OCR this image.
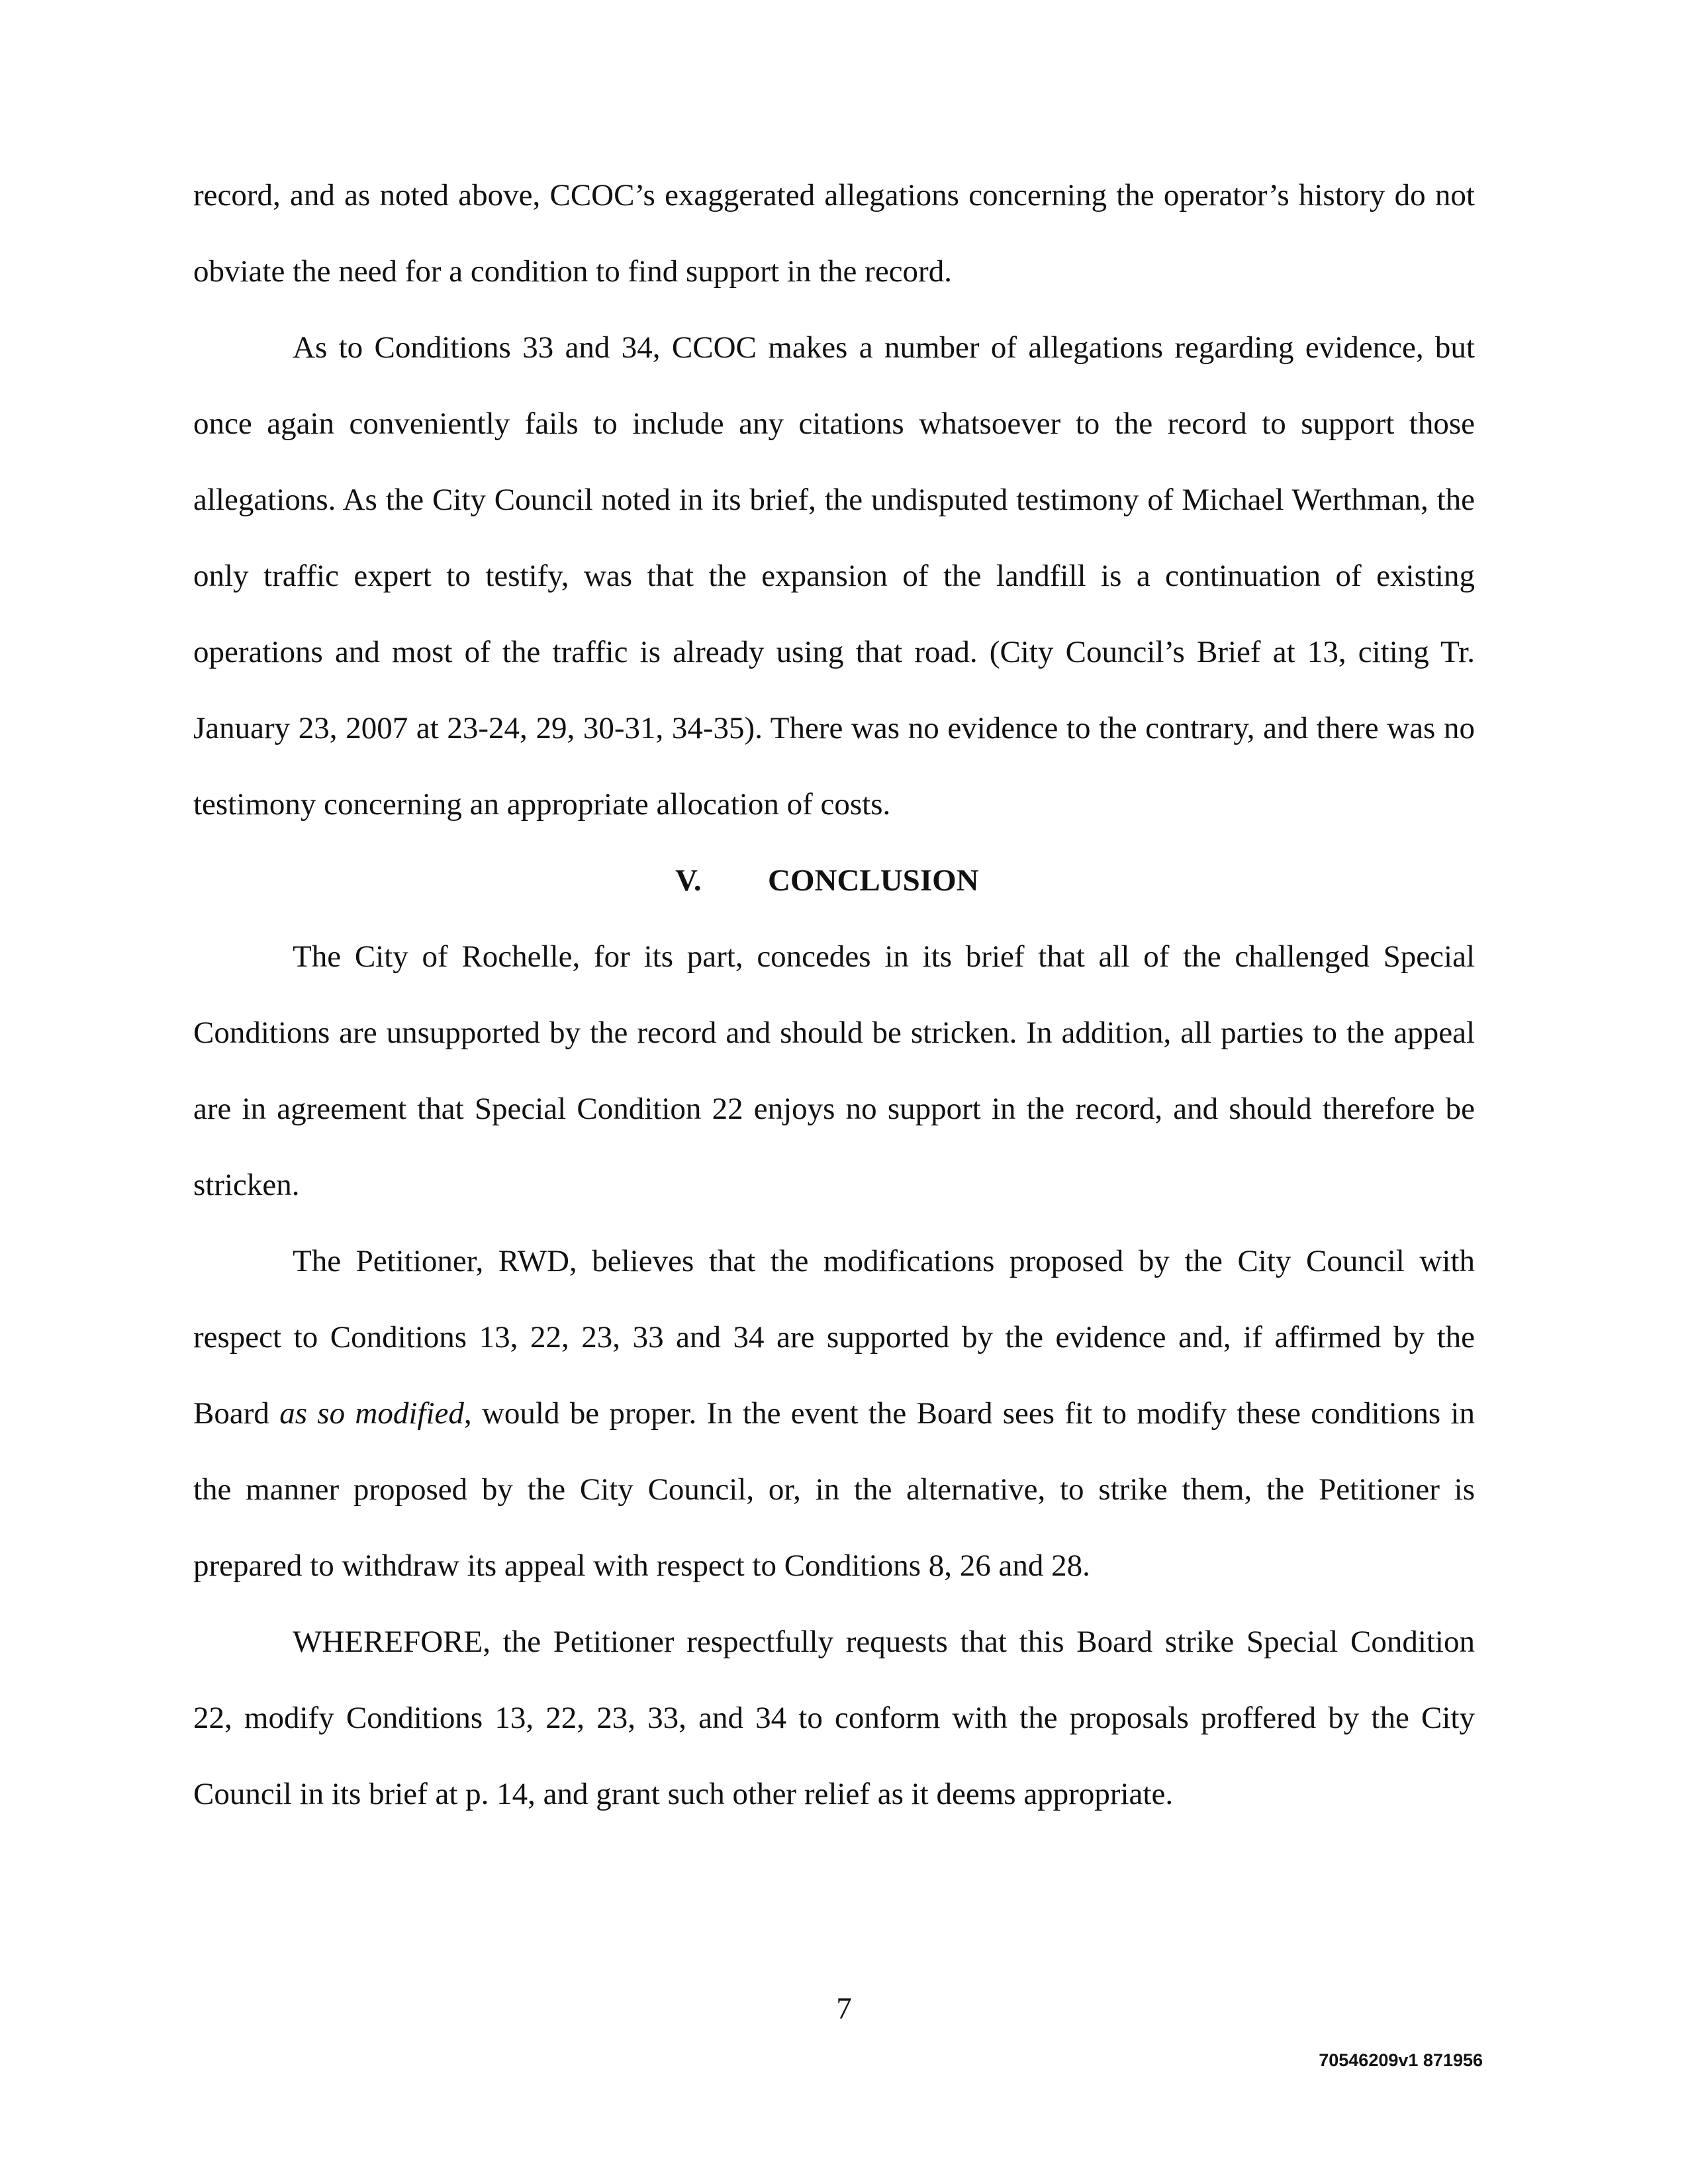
record, and as noted above, CCOC’s exaggerated allegations concerning the operator’s history do not obviate the need for a condition to find support in the record.

As to Conditions 33 and 34, CCOC makes a number of allegations regarding evidence, but once again conveniently fails to include any citations whatsoever to the record to support those allegations. As the City Council noted in its brief, the undisputed testimony of Michael Werthman, the only traffic expert to testify, was that the expansion of the landfill is a continuation of existing operations and most of the traffic is already using that road. (City Council’s Brief at 13, citing Tr. January 23, 2007 at 23-24, 29, 30-31, 34-35). There was no evidence to the contrary, and there was no testimony concerning an appropriate allocation of costs.

V. CONCLUSION

The City of Rochelle, for its part, concedes in its brief that all of the challenged Special Conditions are unsupported by the record and should be stricken. In addition, all parties to the appeal are in agreement that Special Condition 22 enjoys no support in the record, and should therefore be stricken.

The Petitioner, RWD, believes that the modifications proposed by the City Council with respect to Conditions 13, 22, 23, 33 and 34 are supported by the evidence and, if affirmed by the Board as so modified, would be proper. In the event the Board sees fit to modify these conditions in the manner proposed by the City Council, or, in the alternative, to strike them, the Petitioner is prepared to withdraw its appeal with respect to Conditions 8, 26 and 28.

WHEREFORE, the Petitioner respectfully requests that this Board strike Special Condition 22, modify Conditions 13, 22, 23, 33, and 34 to conform with the proposals proffered by the City Council in its brief at p. 14, and grant such other relief as it deems appropriate.

7
70546209v1 871956
